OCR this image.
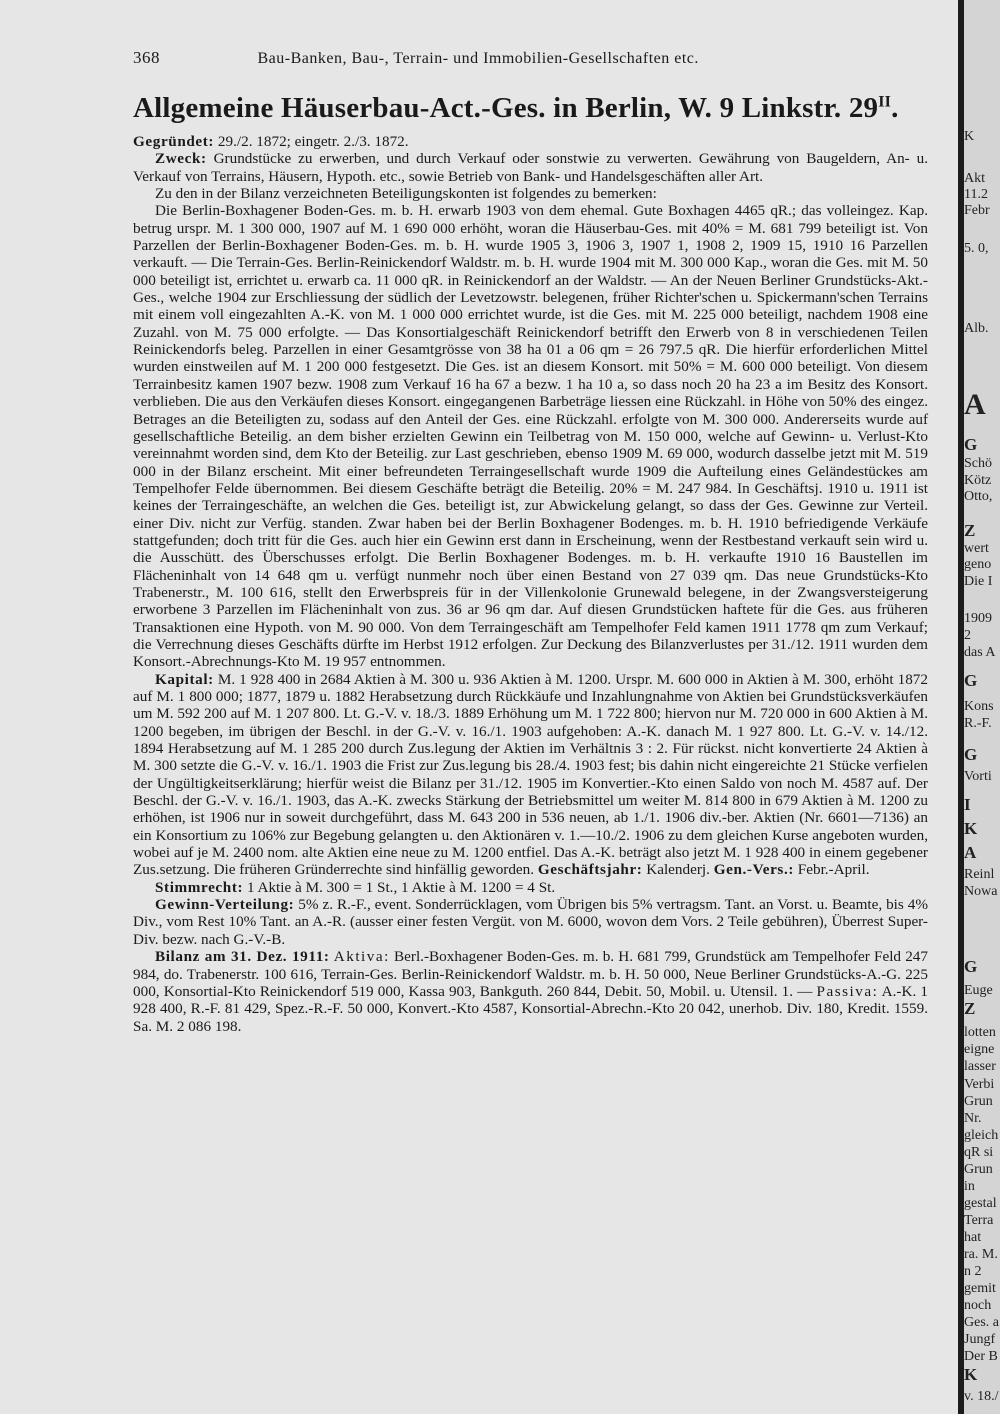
368	Bau-Banken, Bau-, Terrain- und Immobilien-Gesellschaften etc.
Allgemeine Häuserbau-Act.-Ges. in Berlin, W. 9 Linkstr. $29^{II}$.

Gegründet: 29./2. 1872; eingetr. 2./3. 1872.

Zweck: Grundstücke zu erwerben, und durch Verkauf oder sonstwie zu verwerten. Gewährung von Baugeldern, An- u. Verkauf von Terrains, Häusern, Hypoth. etc., sowie Betrieb von Bank- und Handelsgeschäften aller Art.

Zu den in der Bilanz verzeichneten Beteiligungskonten ist folgendes zu bemerken:

Die Berlin-Boxhagener Boden-Ges. m. b. H. erwarb 1903 von dem ehemal. Gute Boxhagen 4465 qR.; das volleingez. Kap. betrug urspr. M. 1 300 000, 1907 auf M. 1 690 000 erhöht, woran die Häuserbau-Ges. mit 40% = M. 681 799 beteiligt ist. Von Parzellen der Berlin-Boxhagener Boden-Ges. m. b. H. wurde 1905 3, 1906 3, 1907 1, 1908 2, 1909 15, 1910 16 Parzellen verkauft. — Die Terrain-Ges. Berlin-Reinickendorf Waldstr. m. b. H. wurde 1904 mit M. 300 000 Kap., woran die Ges. mit M. 50 000 beteiligt ist, errichtet u. erwarb ca. 11 000 qR. in Reinickendorf an der Waldstr. — An der Neuen Berliner Grundstücks-Akt.-Ges., welche 1904 zur Erschliessung der südlich der Levetzowstr. belegenen, früher Richter'schen u. Spickermann'schen Terrains mit einem voll eingezahlten A.-K. von M. 1 000 000 errichtet wurde, ist die Ges. mit M. 225 000 beteiligt, nachdem 1908 eine Zuzahl. von M. 75 000 erfolgte. — Das Konsortialgeschäft Reinickendorf betrifft den Erwerb von 8 in verschiedenen Teilen Reinickendorfs beleg. Parzellen in einer Gesamtgrösse von 38 ha 01 a 06 qm = 26 797.5 qR. Die hierfür erforderlichen Mittel wurden einstweilen auf M. 1 200 000 festgesetzt. Die Ges. ist an diesem Konsort. mit 50% = M. 600 000 beteiligt. Von diesem Terrainbesitz kamen 1907 bezw. 1908 zum Verkauf 16 ha 67 a bezw. 1 ha 10 a, so dass noch 20 ha 23 a im Besitz des Konsort. verblieben. Die aus den Verkäufen dieses Konsort. eingegangenen Barbeträge liessen eine Rückzahl. in Höhe von 50% des eingez. Betrages an die Beteiligten zu, sodass auf den Anteil der Ges. eine Rückzahl. erfolgte von M. 300 000. Andererseits wurde auf gesellschaftliche Beteilig. an dem bisher erzielten Gewinn ein Teilbetrag von M. 150 000, welche auf Gewinn- u. Verlust-Kto vereinnahmt worden sind, dem Kto der Beteilig. zur Last geschrieben, ebenso 1909 M. 69 000, wodurch dasselbe jetzt mit M. 519 000 in der Bilanz erscheint. Mit einer befreundeten Terraingesellschaft wurde 1909 die Aufteilung eines Geländestückes am Tempelhofer Felde übernommen. Bei diesem Geschäfte beträgt die Beteilig. 20% = M. 247 984. In Geschäftsj. 1910 u. 1911 ist keines der Terraingeschäfte, an welchen die Ges. beteiligt ist, zur Abwickelung gelangt, so dass der Ges. Gewinne zur Verteil. einer Div. nicht zur Verfüg. standen. Zwar haben bei der Berlin Boxhagener Bodenges. m. b. H. 1910 befriedigende Verkäufe stattgefunden; doch tritt für die Ges. auch hier ein Gewinn erst dann in Erscheinung, wenn der Restbestand verkauft sein wird u. die Ausschütt. des Überschusses erfolgt. Die Berlin Boxhagener Bodenges. m. b. H. verkaufte 1910 16 Baustellen im Flächeninhalt von 14 648 qm u. verfügt nunmehr noch über einen Bestand von 27 039 qm. Das neue Grundstücks-Kto Trabenerstr., M. 100 616, stellt den Erwerbspreis für in der Villenkolonie Grunewald belegene, in der Zwangsversteigerung erworbene 3 Parzellen im Flächeninhalt von zus. 36 ar 96 qm dar. Auf diesen Grundstücken haftete für die Ges. aus früheren Transaktionen eine Hypoth. von M. 90 000. Von dem Terraingeschäft am Tempelhofer Feld kamen 1911 1778 qm zum Verkauf; die Verrechnung dieses Geschäfts dürfte im Herbst 1912 erfolgen. Zur Deckung des Bilanzverlustes per 31./12. 1911 wurden dem Konsort.-Abrechnungs-Kto M. 19 957 entnommen.

Kapital: M. 1 928 400 in 2684 Aktien à M. 300 u. 936 Aktien à M. 1200. Urspr. M. 600 000 in Aktien à M. 300, erhöht 1872 auf M. 1 800 000; 1877, 1879 u. 1882 Herabsetzung durch Rückkäufe und Inzahlungnahme von Aktien bei Grundstücksverkäufen um M. 592 200 auf M. 1 207 800. Lt. G.-V. v. 18./3. 1889 Erhöhung um M. 1 722 800; hiervon nur M. 720 000 in 600 Aktien à M. 1200 begeben, im übrigen der Beschl. in der G.-V. v. 16./1. 1903 aufgehoben: A.-K. danach M. 1 927 800. Lt. G.-V. v. 14./12. 1894 Herabsetzung auf M. 1 285 200 durch Zus.legung der Aktien im Verhältnis 3 : 2. Für rückst. nicht konvertierte 24 Aktien à M. 300 setzte die G.-V. v. 16./1. 1903 die Frist zur Zus.legung bis 28./4. 1903 fest; bis dahin nicht eingereichte 21 Stücke verfielen der Ungültigkeitserklärung; hierfür weist die Bilanz per 31./12. 1905 im Konvertier.-Kto einen Saldo von noch M. 4587 auf. Der Beschl. der G.-V. v. 16./1. 1903, das A.-K. zwecks Stärkung der Betriebsmittel um weiter M. 814 800 in 679 Aktien à M. 1200 zu erhöhen, ist 1906 nur in soweit durchgeführt, dass M. 643 200 in 536 neuen, ab 1./1. 1906 div.-ber. Aktien (Nr. 6601—7136) an ein Konsortium zu 106% zur Begebung gelangten u. den Aktionären v. 1.—10./2. 1906 zu dem gleichen Kurse angeboten wurden, wobei auf je M. 2400 nom. alte Aktien eine neue zu M. 1200 entfiel. Das A.-K. beträgt also jetzt M. 1 928 400 in einem gegebener Zus.setzung. Die früheren Gründerrechte sind hinfällig geworden. Geschäftsjahr: Kalenderj. Gen.-Vers.: Febr.-April.

Stimmrecht: 1 Aktie à M. 300 = 1 St., 1 Aktie à M. 1200 = 4 St.

Gewinn-Verteilung: 5% z. R.-F., event. Sonderrücklagen, vom Übrigen bis 5% vertragsm. Tant. an Vorst. u. Beamte, bis 4% Div., vom Rest 10% Tant. an A.-R. (ausser einer festen Vergüt. von M. 6000, wovon dem Vors. 2 Teile gebühren), Überrest Super-Div. bezw. nach G.-V.-B.

Bilanz am 31. Dez. 1911: Aktiva: Berl.-Boxhagener Boden-Ges. m. b. H. 681 799, Grundstück am Tempelhofer Feld 247 984, do. Trabenerstr. 100 616, Terrain-Ges. Berlin-Reinickendorf Waldstr. m. b. H. 50 000, Neue Berliner Grundstücks-A.-G. 225 000, Konsortial-Kto Reinickendorf 519 000, Kassa 903, Bankguth. 260 844, Debit. 50, Mobil. u. Utensil. 1. — Passiva: A.-K. 1 928 400, R.-F. 81 429, Spez.-R.-F. 50 000, Konvert.-Kto 4587, Konsortial-Abrechn.-Kto 20 042, unerhob. Div. 180, Kredit. 1559. Sa. M. 2 086 198.

K
Akt
11.2
Febr
5. 0,
Alb.
A
G
Schö
Kötz
Otto,
Z
wert
geno
Die I
1909
2
das A
G
Kons
R.-F.
G
Vorti
I
K
A
Reinl
Nowa
G
Euge
Z
lotten
eigne
lasser
Verbi
Grun
Nr.
gleich
qR si
Grun
in
gestal
Terra
hat
ra. M.
n 2
gemit
noch
Ges. a
Jungf
Der B
K
v. 18./
